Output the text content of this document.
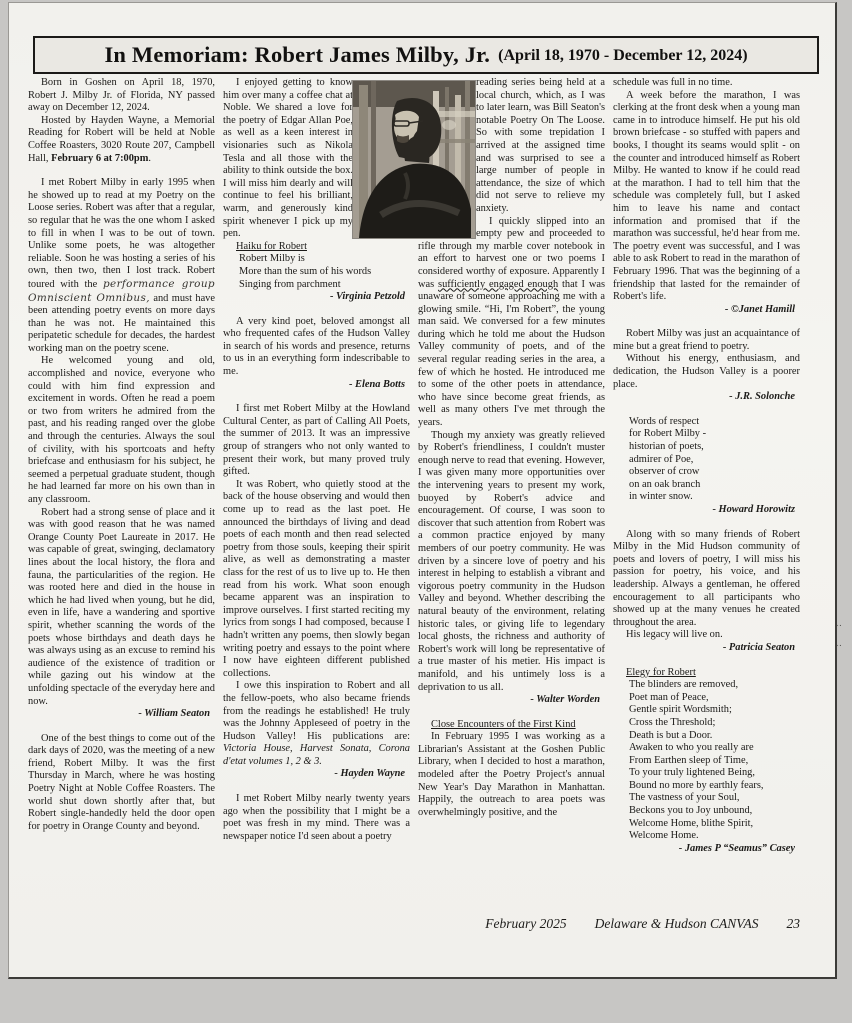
In Memoriam: Robert James Milby, Jr. (April 18, 1970 - December 12, 2024)
Born in Goshen on April 18, 1970, Robert J. Milby Jr. of Florida, NY passed away on December 12, 2024.
Hosted by Hayden Wayne, a Memorial Reading for Robert will be held at Noble Coffee Roasters, 3020 Route 207, Campbell Hall, February 6 at 7:00pm.
I met Robert Milby in early 1995 when he showed up to read at my Poetry on the Loose series. Robert was after that a regular, so regular that he was the one whom I asked to fill in when I was to be out of town. Unlike some poets, he was altogether reliable. Soon he was hosting a series of his own, then two, then I lost track. Robert toured with the performance group Omniscient Omnibus, and must have been attending poetry events on more days than he was not. He maintained this peripatetic schedule for decades, the hardest working man on the poetry scene.
He welcomed young and old, accomplished and novice, everyone who could with him find expression and excitement in words. Often he read a poem or two from writers he admired from the past, and his reading ranged over the globe and through the centuries. Always the soul of civility, with his sportcoats and hefty briefcase and enthusiasm for his subject, he seemed a perpetual graduate student, though he had learned far more on his own than in any classroom.
Robert had a strong sense of place and it was with good reason that he was named Orange County Poet Laureate in 2017. He was capable of great, swinging, declamatory lines about the local history, the flora and fauna, the particularities of the region. He was rooted here and died in the house in which he had lived when young, but he did, even in life, have a wandering and sportive spirit, whether scanning the words of the poets whose birthdays and death days he was always using as an excuse to remind his audience of the existence of tradition or while gazing out his window at the unfolding spectacle of the everyday here and now.
- William Seaton
One of the best things to come out of the dark days of 2020, was the meeting of a new friend, Robert Milby. It was the first Thursday in March, where he was hosting Poetry Night at Noble Coffee Roasters. The world shut down shortly after that, but Robert single-handedly held the door open for poetry in Orange County and beyond.
I enjoyed getting to know him over many a coffee chat at Noble. We shared a love for the poetry of Edgar Allan Poe, as well as a keen interest in visionaries such as Nikola Tesla and all those with the ability to think outside the box. I will miss him dearly and will continue to feel his brilliant, warm, and generously kind spirit whenever I pick up my pen.
Haiku for Robert
Robert Milby is
More than the sum of his words
Singing from parchment
- Virginia Petzold
A very kind poet, beloved amongst all who frequented cafes of the Hudson Valley in search of his words and presence, returns to us in an everything form indescribable to me.
- Elena Botts
I first met Robert Milby at the Howland Cultural Center, as part of Calling All Poets, the summer of 2013. It was an impressive group of strangers who not only wanted to present their work, but many proved truly gifted.
It was Robert, who quietly stood at the back of the house observing and would then come up to read as the last poet. He announced the birthdays of living and dead poets of each month and then read selected poetry from those souls, keeping their spirit alive, as well as demonstrating a master class for the rest of us to live up to. He then read from his work. What soon enough became apparent was an inspiration to improve ourselves. I first started reciting my lyrics from songs I had composed, because I hadn't written any poems, then slowly began writing poetry and essays to the point where I now have eighteen different published collections.
I owe this inspiration to Robert and all the fellow-poets, who also became friends from the readings he established! He truly was the Johnny Appleseed of poetry in the Hudson Valley! His publications are: Victoria House, Harvest Sonata, Corona d'etat volumes 1, 2 & 3.
- Hayden Wayne
I met Robert Milby nearly twenty years ago when the possibility that I might be a poet was fresh in my mind. There was a newspaper notice I'd seen about a poetry
reading series being held at a local church, which, as I was to later learn, was Bill Seaton's notable Poetry On The Loose. So with some trepidation I arrived at the assigned time and was surprised to see a large number of people in attendance, the size of which did not serve to relieve my anxiety.
I quickly slipped into an empty pew and proceeded to rifle through my marble cover notebook in an effort to harvest one or two poems I considered worthy of exposure. Apparently I was sufficiently engaged enough that I was unaware of someone approaching me with a glowing smile. “Hi, I'm Robert”, the young man said. We conversed for a few minutes during which he told me about the Hudson Valley community of poets, and of the several regular reading series in the area, a few of which he hosted. He introduced me to some of the other poets in attendance, who have since become great friends, as well as many others I've met through the years.
Though my anxiety was greatly relieved by Robert's friendliness, I couldn't muster enough nerve to read that evening. However, I was given many more opportunities over the intervening years to present my work, buoyed by Robert's advice and encouragement. Of course, I was soon to discover that such attention from Robert was a common practice enjoyed by many members of our poetry community. He was driven by a sincere love of poetry and his interest in helping to establish a vibrant and vigorous poetry community in the Hudson Valley and beyond. Whether describing the natural beauty of the environment, relating historic tales, or giving life to legendary local ghosts, the richness and authority of Robert's work will long be representative of a true master of his metier. His impact is manifold, and his untimely loss is a deprivation to us all.
- Walter Worden
Close Encounters of the First Kind
In February 1995 I was working as a Librarian's Assistant at the Goshen Public Library, when I decided to host a marathon, modeled after the Poetry Project's annual New Year's Day Marathon in Manhattan. Happily, the outreach to area poets was overwhelmingly positive, and the
schedule was full in no time.
A week before the marathon, I was clerking at the front desk when a young man came in to introduce himself. He put his old brown briefcase - so stuffed with papers and books, I thought its seams would split - on the counter and introduced himself as Robert Milby. He wanted to know if he could read at the marathon. I had to tell him that the schedule was completely full, but I asked him to leave his name and contact information and promised that if the marathon was successful, he'd hear from me. The poetry event was successful, and I was able to ask Robert to read in the marathon of February 1996. That was the beginning of a friendship that lasted for the remainder of Robert's life.
- ©Janet Hamill
Robert Milby was just an acquaintance of mine but a great friend to poetry.
Without his energy, enthusiasm, and dedication, the Hudson Valley is a poorer place.
- J.R. Solonche
Words of respect
for Robert Milby -
historian of poets,
admirer of Poe,
observer of crow
on an oak branch
in winter snow.
- Howard Horowitz
Along with so many friends of Robert Milby in the Mid Hudson community of poets and lovers of poetry, I will miss his passion for poetry, his voice, and his leadership. Always a gentleman, he offered encouragement to all participants who showed up at the many venues he created throughout the area.
His legacy will live on.
- Patricia Seaton
Elegy for Robert
The blinders are removed,
Poet man of Peace,
Gentle spirit Wordsmith;
Cross the Threshold;
Death is but a Door.
Awaken to who you really are
From Earthen sleep of Time,
To your truly lightened Being,
Bound no more by earthly fears,
The vastness of your Soul,
Beckons you to Joy unbound,
Welcome Home, blithe Spirit,
Welcome Home.
- James P “Seamus” Casey
February 2025 Delaware & Hudson CANVAS 23
..

..
